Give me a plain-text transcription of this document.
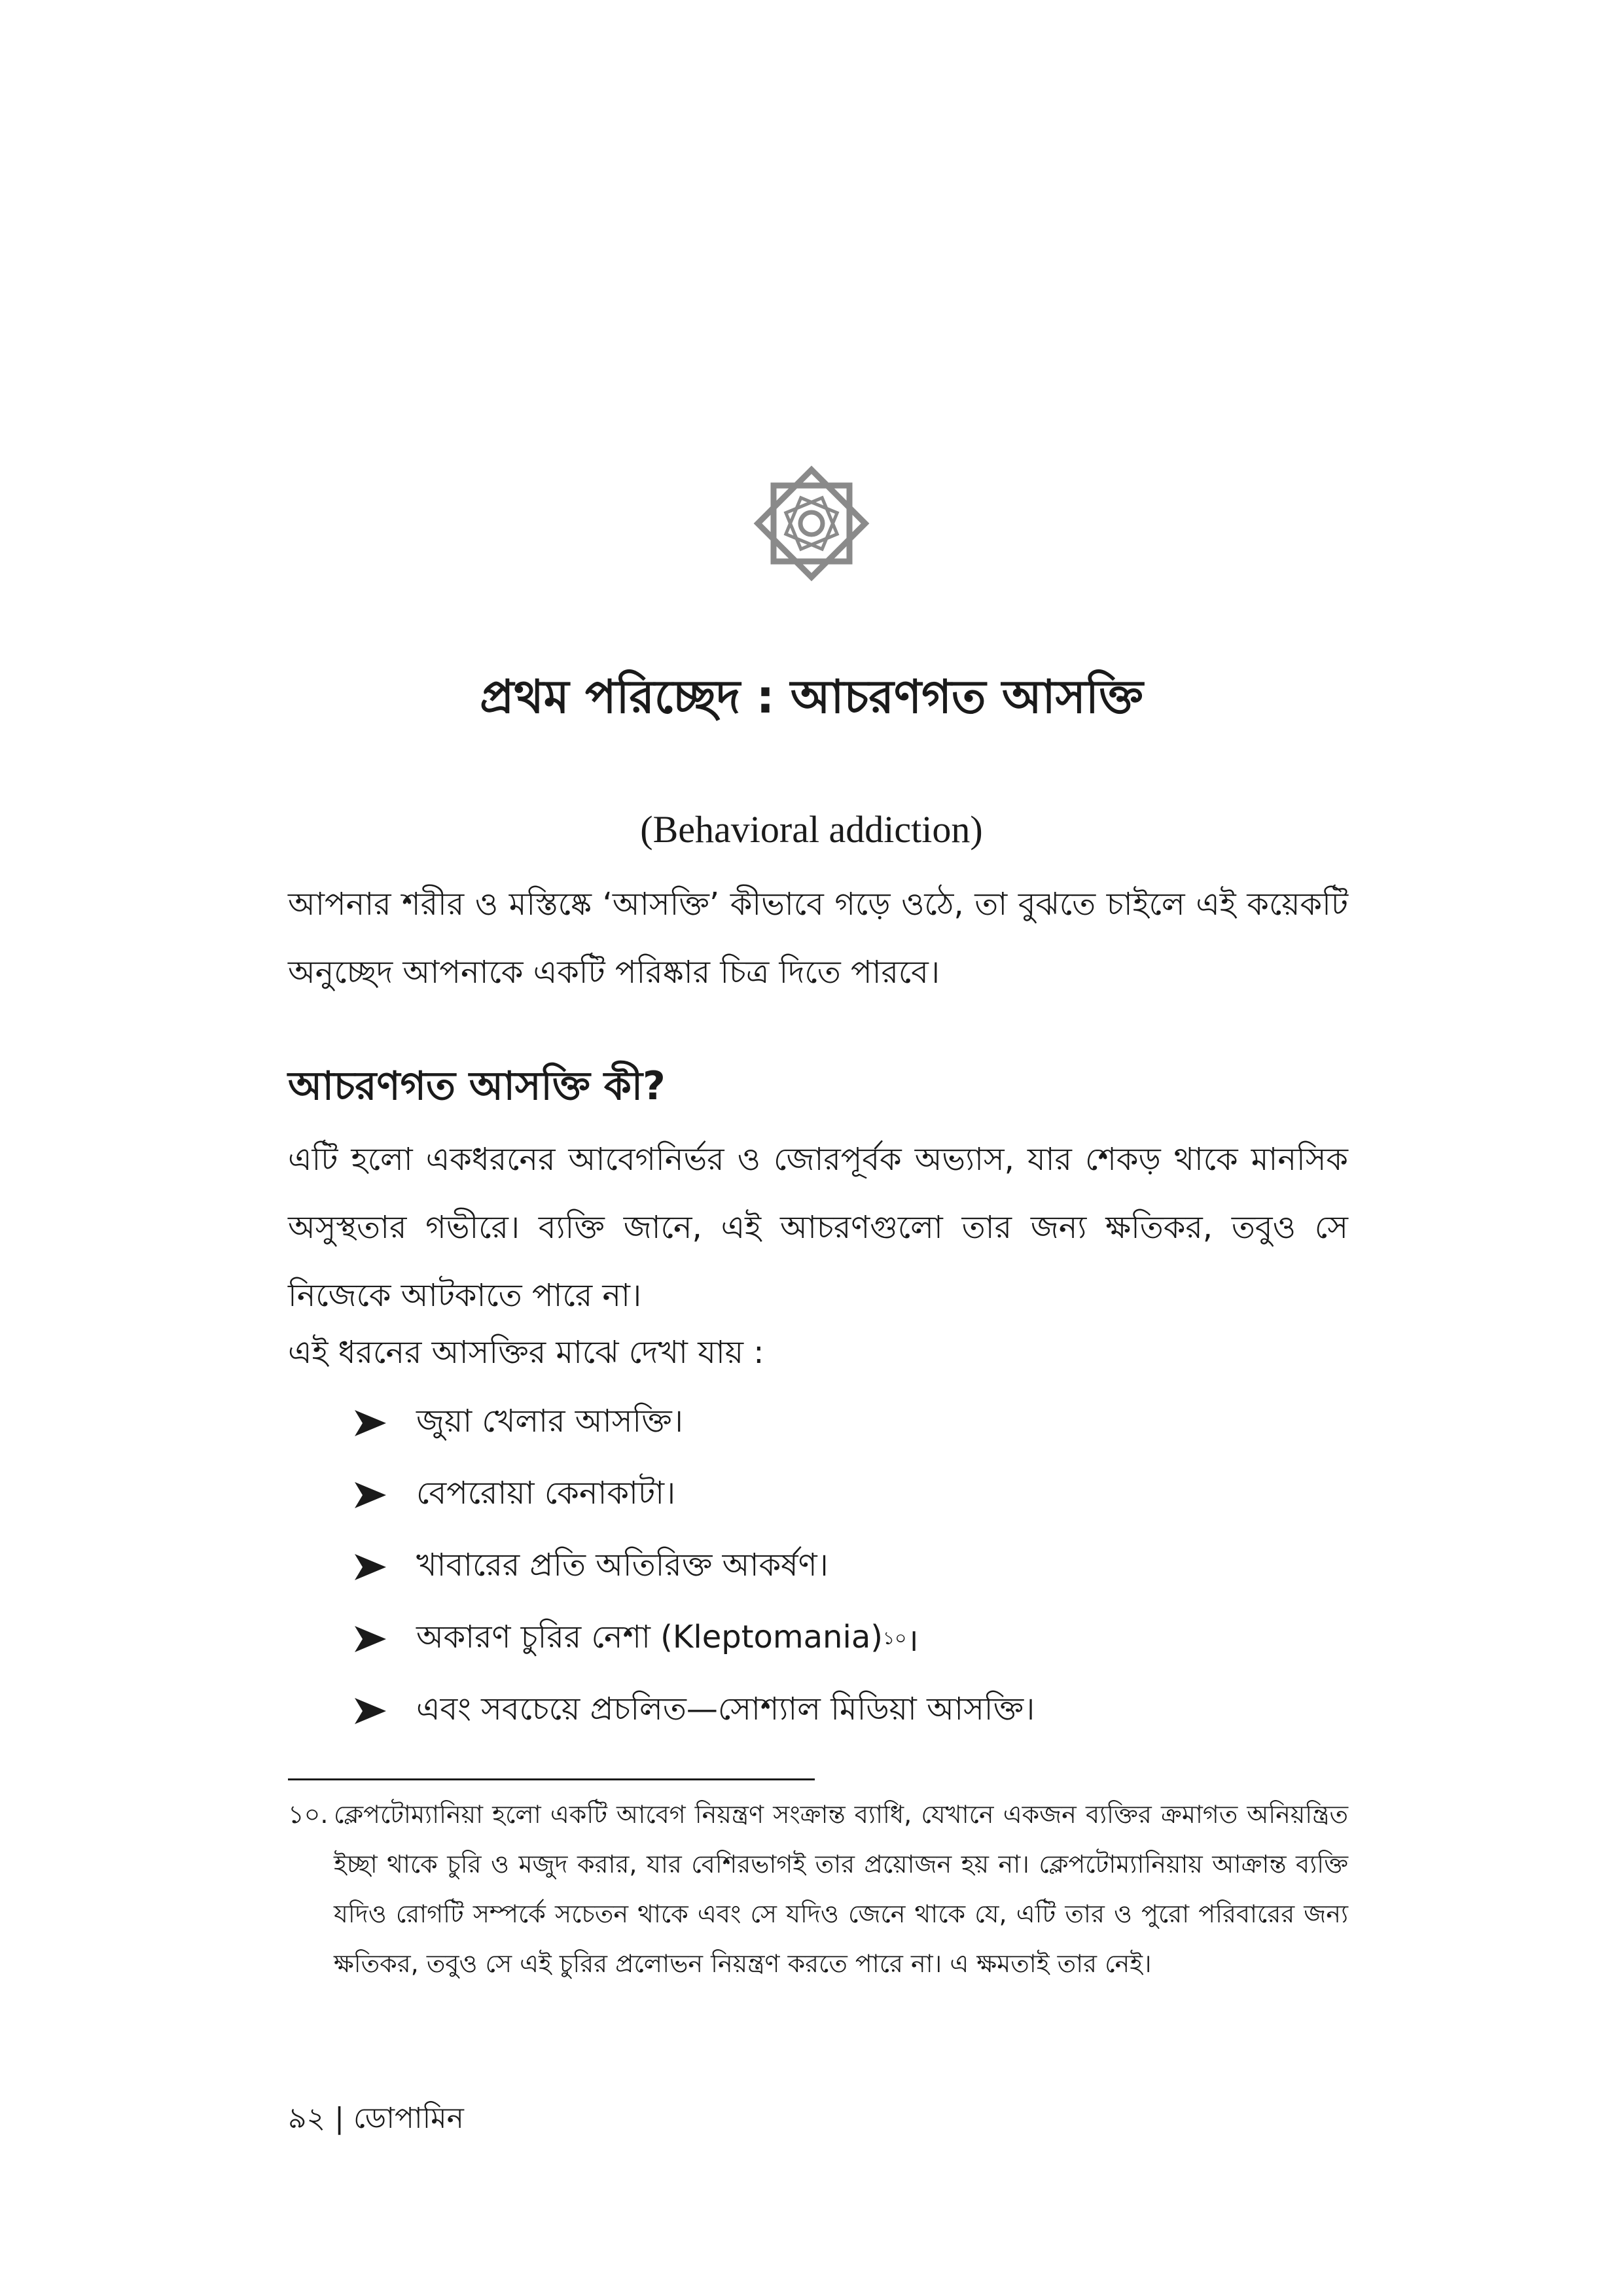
প্রথম পরিচ্ছেদ : আচরণগত আসক্তি

(Behavioral addiction)

আপনার শরীর ও মস্তিষ্কে ‘আসক্তি’ কীভাবে গড়ে ওঠে, তা বুঝতে চাইলে এই কয়েকটি অনুচ্ছেদ আপনাকে একটি পরিষ্কার চিত্র দিতে পারবে।

আচরণগত আসক্তি কী?

এটি হলো একধরনের আবেগনির্ভর ও জোরপূর্বক অভ্যাস, যার শেকড় থাকে মানসিক অসুস্থতার গভীরে। ব্যক্তি জানে, এই আচরণগুলো তার জন্য ক্ষতিকর, তবুও সে নিজেকে আটকাতে পারে না।

এই ধরনের আসক্তির মাঝে দেখা যায় :

জুয়া খেলার আসক্তি।
বেপরোয়া কেনাকাটা।
খাবারের প্রতি অতিরিক্ত আকর্ষণ।
অকারণ চুরির নেশা (Kleptomania) ১০ ।
এবং সবচেয়ে প্রচলিত—সোশ্যাল মিডিয়া আসক্তি।
১০. ক্লেপটোম্যানিয়া হলো একটি আবেগ নিয়ন্ত্রণ সংক্রান্ত ব্যাধি, যেখানে একজন ব্যক্তির ক্রমাগত অনিয়ন্ত্রিত ইচ্ছা থাকে চুরি ও মজুদ করার, যার বেশিরভাগই তার প্রয়োজন হয় না। ক্লেপটোম্যানিয়ায় আক্রান্ত ব্যক্তি যদিও রোগটি সম্পর্কে সচেতন থাকে এবং সে যদিও জেনে থাকে যে, এটি তার ও পুরো পরিবারের জন্য ক্ষতিকর, তবুও সে এই চুরির প্রলোভন নিয়ন্ত্রণ করতে পারে না। এ ক্ষমতাই তার নেই।
৯২ | ডোপামিন
